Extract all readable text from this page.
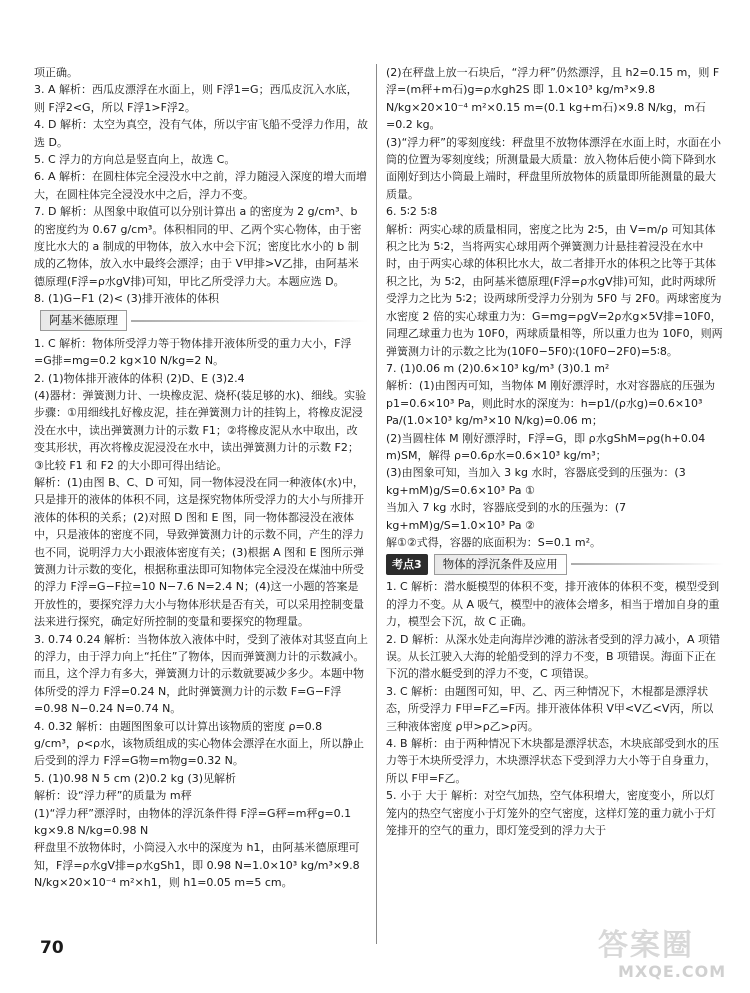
项正确。

3. A 解析：西瓜皮漂浮在水面上，则 F浮1=G；西瓜皮沉入水底，则 F浮2<G，所以 F浮1>F浮2。

4. D 解析：太空为真空，没有气体，所以宇宙飞船不受浮力作用，故选 D。

5. C 浮力的方向总是竖直向上，故选 C。

6. A 解析：在圆柱体完全浸没水中之前，浮力随浸入深度的增大而增大，在圆柱体完全浸没水中之后，浮力不变。

7. D 解析：从图象中取值可以分别计算出 a 的密度为 2 g/cm³、b 的密度约为 0.67 g/cm³。体积相同的甲、乙两个实心物体，由于密度比水大的 a 制成的甲物体，放入水中会下沉；密度比水小的 b 制成的乙物体，放入水中最终会漂浮；由于 V甲排>V乙排，由阿基米德原理(F浮=ρ水gV排)可知，甲比乙所受浮力大。本题应选 D。

8. (1)G−F1 (2)< (3)排开液体的体积

阿基米德原理

1. C 解析：物体所受浮力等于物体排开液体所受的重力大小，F浮=G排=mg=0.2 kg×10 N/kg=2 N。

2. (1)物体排开液体的体积 (2)D、E (3)2.4

(4)器材：弹簧测力计、一块橡皮泥、烧杯(装足够的水)、细线。实验步骤：①用细线扎好橡皮泥，挂在弹簧测力计的挂钩上，将橡皮泥浸没在水中，读出弹簧测力计的示数 F1；②将橡皮泥从水中取出，改变其形状，再次将橡皮泥浸没在水中，读出弹簧测力计的示数 F2；③比较 F1 和 F2 的大小即可得出结论。

解析：(1)由图 B、C、D 可知，同一物体浸没在同一种液体(水)中，只是排开的液体的体积不同，这是探究物体所受浮力的大小与所排开液体的体积的关系；(2)对照 D 图和 E 图，同一物体都浸没在液体中，只是液体的密度不同，导致弹簧测力计的示数不同，产生的浮力也不同，说明浮力大小跟液体密度有关；(3)根据 A 图和 E 图所示弹簧测力计示数的变化，根据称重法即可知物体完全浸没在煤油中所受的浮力 F浮=G−F拉=10 N−7.6 N=2.4 N；(4)这一小题的答案是开放性的，要探究浮力大小与物体形状是否有关，可以采用控制变量法来进行探究，确定好所控制的变量和要探究的物理量。

3. 0.74 0.24 解析：当物体放入液体中时，受到了液体对其竖直向上的浮力，由于浮力向上“托住”了物体，因而弹簧测力计的示数减小。而且，这个浮力有多大，弹簧测力计的示数就要减少多少。本题中物体所受的浮力 F浮=0.24 N，此时弹簧测力计的示数 F=G−F浮=0.98 N−0.24 N=0.74 N。

4. 0.32 解析：由题图图象可以计算出该物质的密度 ρ=0.8 g/cm³，ρ<ρ水，该物质组成的实心物体会漂浮在水面上，所以静止后受到的浮力 F浮=G物=m物g=0.32 N。

5. (1)0.98 N 5 cm (2)0.2 kg (3)见解析

解析：设“浮力秤”的质量为 m秤

(1)“浮力秤”漂浮时，由物体的浮沉条件得 F浮=G秤=m秤g=0.1 kg×9.8 N/kg=0.98 N

秤盘里不放物体时，小筒浸入水中的深度为 h1，由阿基米德原理可知，F浮=ρ水gV排=ρ水gSh1，即 0.98 N=1.0×10³ kg/m³×9.8 N/kg×20×10⁻⁴ m²×h1，则 h1=0.05 m=5 cm。

(2)在秤盘上放一石块后，“浮力秤”仍然漂浮，且 h2=0.15 m，则 F浮=(m秤+m石)g=ρ水gh2S 即 1.0×10³ kg/m³×9.8 N/kg×20×10⁻⁴ m²×0.15 m=(0.1 kg+m石)×9.8 N/kg，m石=0.2 kg。

(3)“浮力秤”的零刻度线：秤盘里不放物体漂浮在水面上时，水面在小筒的位置为零刻度线；所测量最大质量：放入物体后使小筒下降到水面刚好到达小筒最上端时，秤盘里所放物体的质量即所能测量的最大质量。

6. 5∶2 5∶8

解析：两实心球的质量相同，密度之比为 2∶5，由 V=m/ρ 可知其体积之比为 5∶2，当将两实心球用两个弹簧测力计悬挂着浸没在水中时，由于两实心球的体积比水大，故二者排开水的体积之比等于其体积之比，为 5∶2，由阿基米德原理(F浮=ρ水gV排)可知，此时两球所受浮力之比为 5∶2；设两球所受浮力分别为 5F0 与 2F0。两球密度为水密度 2 倍的实心球重力为：G=mg=ρgV=2ρ水g×5V排=10F0，同理乙球重力也为 10F0，两球质量相等，所以重力也为 10F0，则两弹簧测力计的示数之比为(10F0−5F0)∶(10F0−2F0)=5∶8。

7. (1)0.06 m (2)0.6×10³ kg/m³ (3)0.1 m²

解析：(1)由图丙可知，当物体 M 刚好漂浮时，水对容器底的压强为 p1=0.6×10³ Pa，则此时水的深度为：h=p1/(ρ水g)=0.6×10³ Pa/(1.0×10³ kg/m³×10 N/kg)=0.06 m；

(2)当圆柱体 M 刚好漂浮时，F浮=G，即 ρ水gShM=ρg(h+0.04 m)SM，解得 ρ=0.6ρ水=0.6×10³ kg/m³；

(3)由图象可知，当加入 3 kg 水时，容器底受到的压强为：(3 kg+mM)g/S=0.6×10³ Pa ①

当加入 7 kg 水时，容器底受到的水的压强为：(7 kg+mM)g/S=1.0×10³ Pa ②

解①②式得，容器的底面积为：S=0.1 m²。

考点3	物体的浮沉条件及应用

1. C 解析：潜水艇模型的体积不变，排开液体的体积不变，模型受到的浮力不变。从 A 吸气，模型中的液体会增多，相当于增加自身的重力，模型会下沉，故 C 正确。

2. D 解析：从深水处走向海岸沙滩的游泳者受到的浮力减小，A 项错误。从长江驶入大海的轮船受到的浮力不变，B 项错误。海面下正在下沉的潜水艇受到的浮力不变，C 项错误。

3. C 解析：由题图可知，甲、乙、丙三种情况下，木棍都是漂浮状态，所受浮力 F甲=F乙=F丙。排开液体体积 V甲<V乙<V丙，所以三种液体密度 ρ甲>ρ乙>ρ丙。

4. B 解析：由于两种情况下木块都是漂浮状态，木块底部受到水的压力等于木块所受浮力，木块漂浮状态下受到浮力大小等于自身重力，所以 F甲=F乙。

5. 小于 大于 解析：对空气加热，空气体积增大，密度变小，所以灯笼内的热空气密度小于灯笼外的空气密度，这样灯笼的重力就小于灯笼排开的空气的重力，即灯笼受到的浮力大于

70	答案圈
MXQE.COM
